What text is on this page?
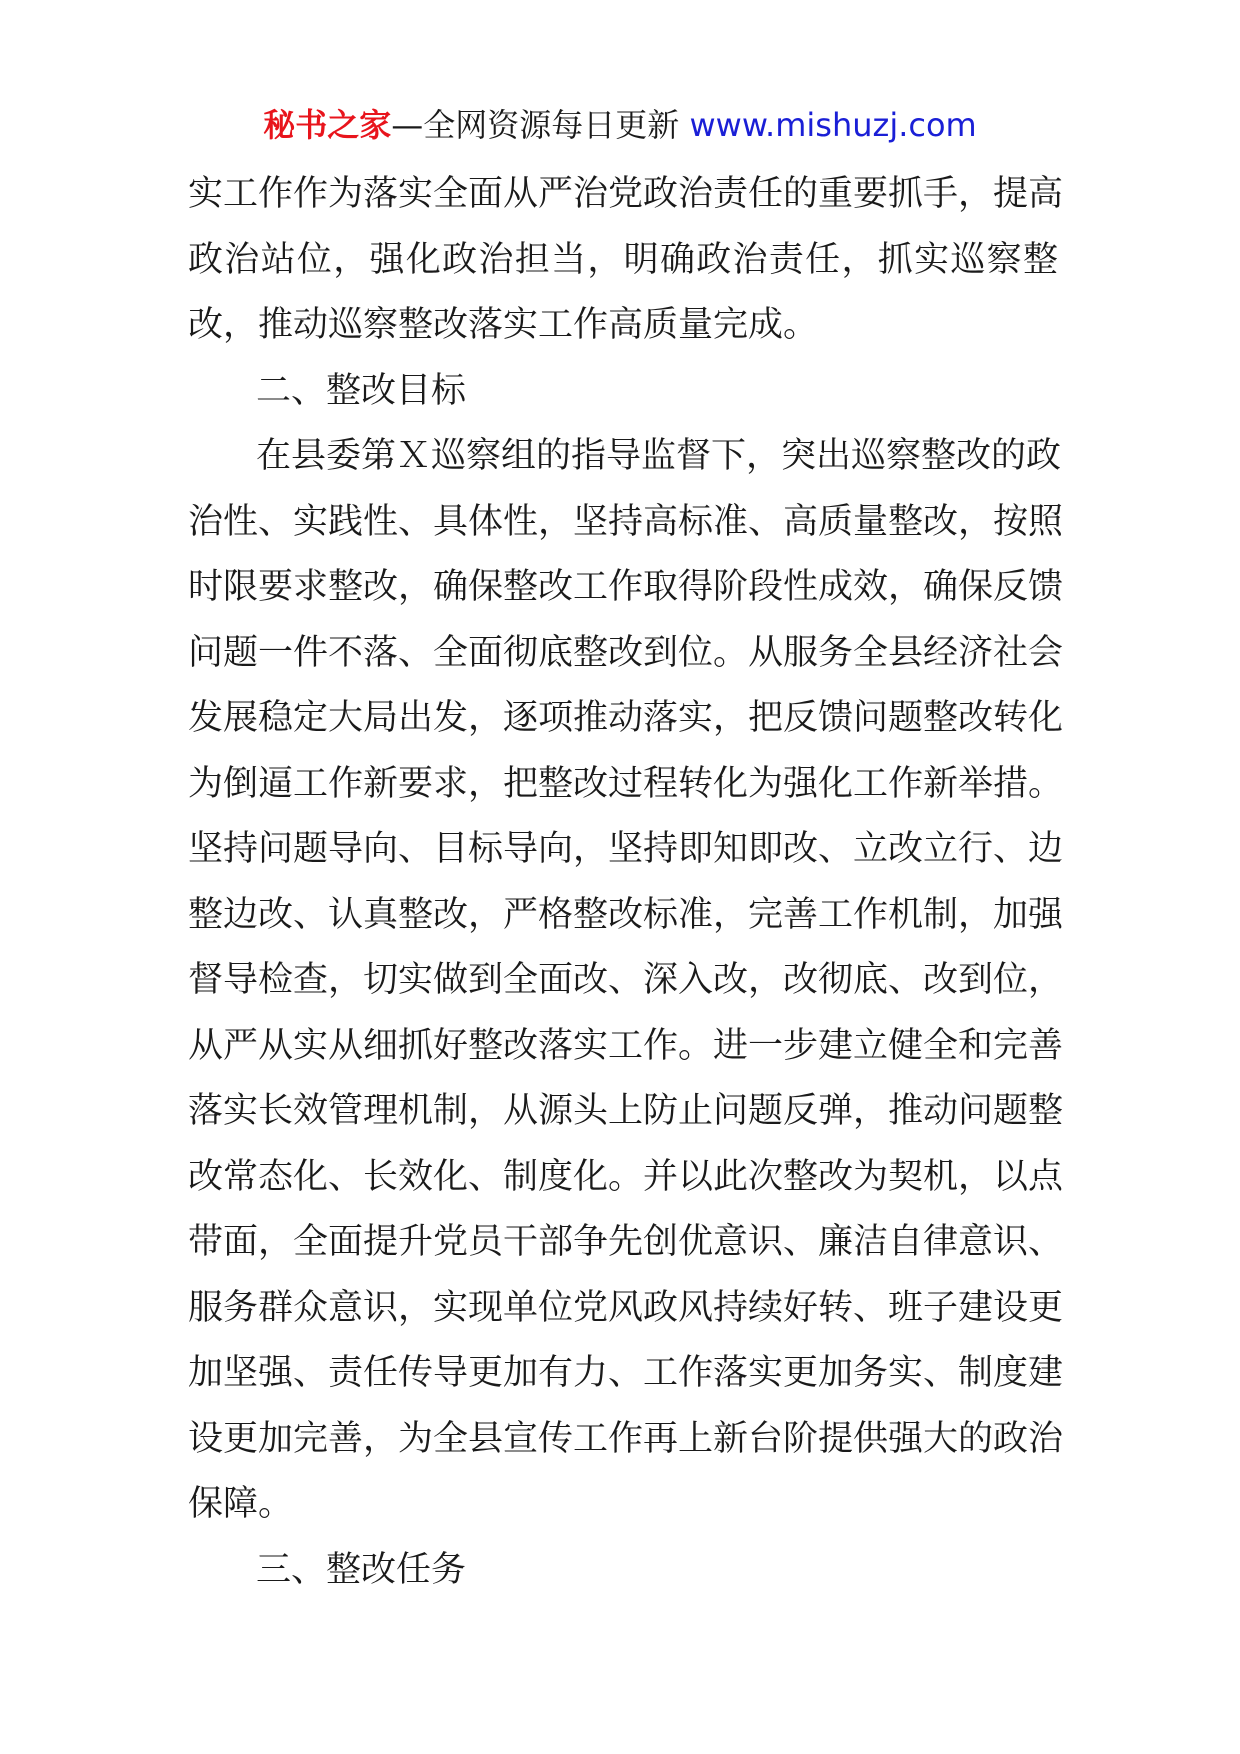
秘书之家—全网资源每日更新 www.mishuzj.com
实工作作为落实全面从严治党政治责任的重要抓手，提高
政治站位，强化政治担当，明确政治责任，抓实巡察整
改，推动巡察整改落实工作高质量完成。
二、整改目标
在县委第Ｘ巡察组的指导监督下，突出巡察整改的政
治性、实践性、具体性，坚持高标准、高质量整改，按照
时限要求整改，确保整改工作取得阶段性成效，确保反馈
问题一件不落、全面彻底整改到位。从服务全县经济社会
发展稳定大局出发，逐项推动落实，把反馈问题整改转化
为倒逼工作新要求，把整改过程转化为强化工作新举措。
坚持问题导向、目标导向，坚持即知即改、立改立行、边
整边改、认真整改，严格整改标准，完善工作机制，加强
督导检查，切实做到全面改、深入改，改彻底、改到位，
从严从实从细抓好整改落实工作。进一步建立健全和完善
落实长效管理机制，从源头上防止问题反弹，推动问题整
改常态化、长效化、制度化。并以此次整改为契机，以点
带面，全面提升党员干部争先创优意识、廉洁自律意识、
服务群众意识，实现单位党风政风持续好转、班子建设更
加坚强、责任传导更加有力、工作落实更加务实、制度建
设更加完善，为全县宣传工作再上新台阶提供强大的政治
保障。
三、整改任务
